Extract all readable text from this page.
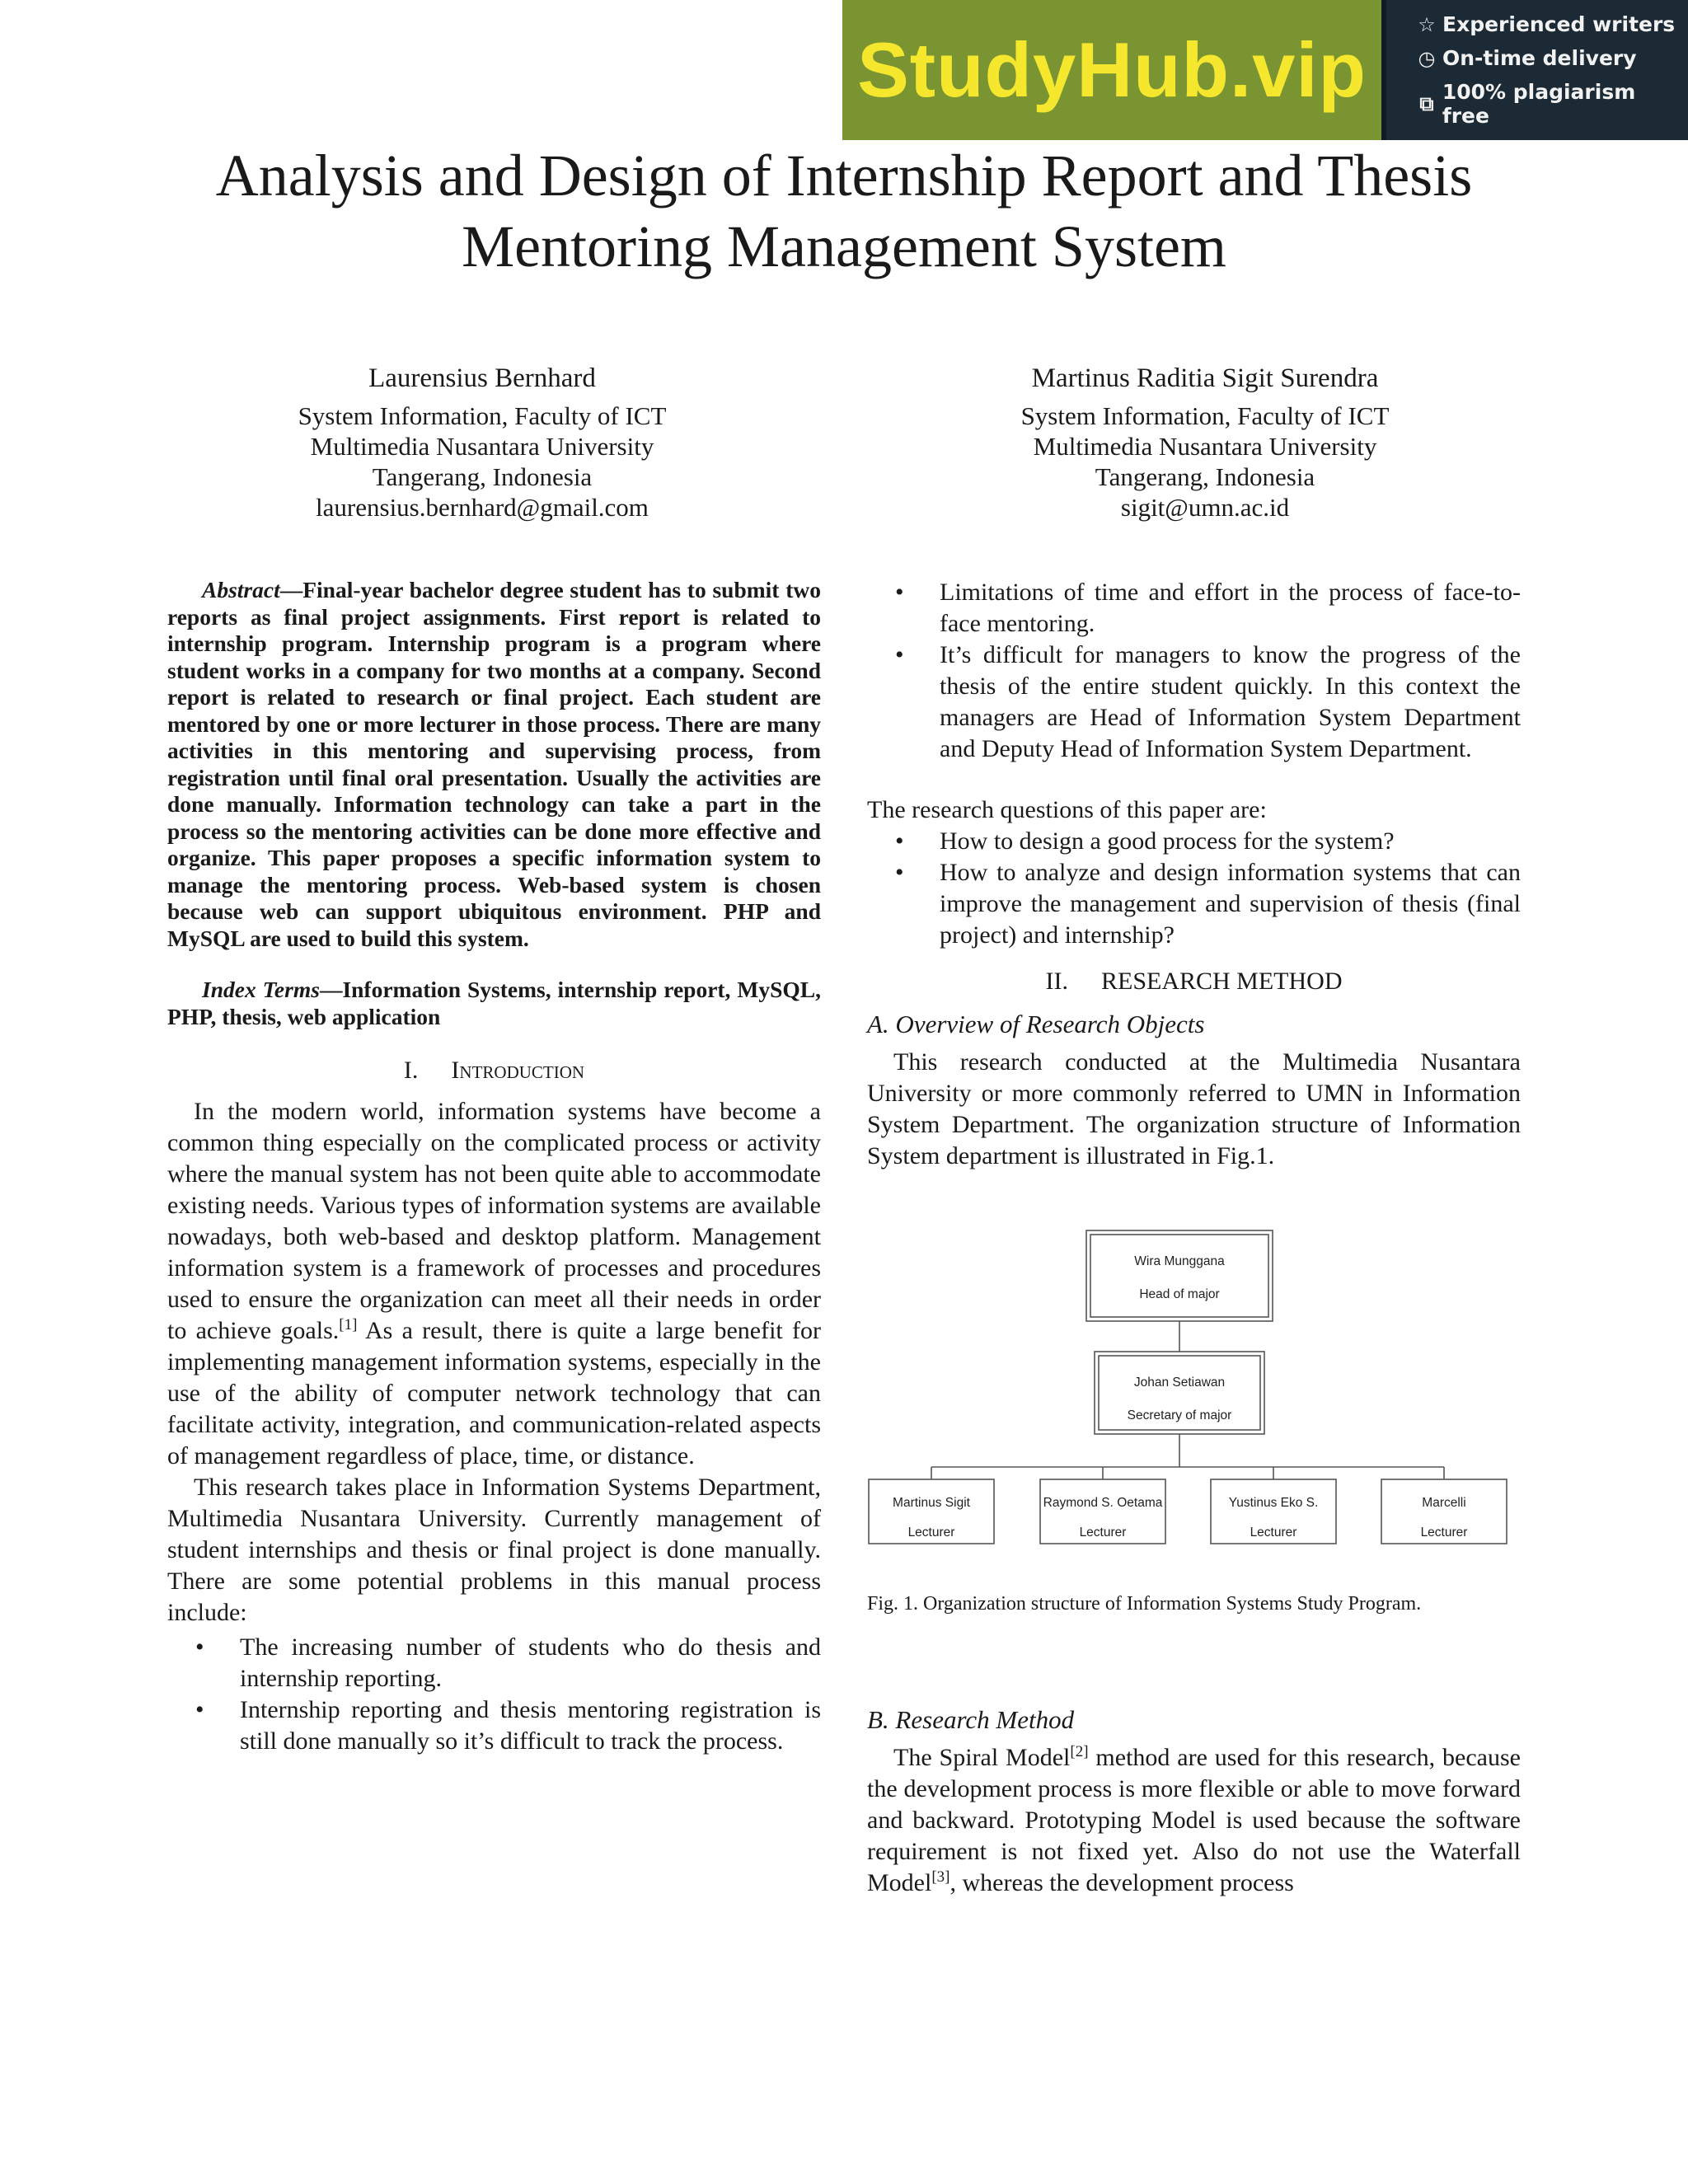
StudyHub.vip
☆ Experienced writers
◷ On-time delivery
⧉ 100% plagiarism free
Analysis and Design of Internship Report and Thesis
Mentoring Management System
Laurensius Bernhard
System Information, Faculty of ICT
Multimedia Nusantara University
Tangerang, Indonesia
laurensius.bernhard@gmail.com
Martinus Raditia Sigit Surendra
System Information, Faculty of ICT
Multimedia Nusantara University
Tangerang, Indonesia
sigit@umn.ac.id

Abstract—Final-year bachelor degree student has to submit two reports as final project assignments. First report is related to internship program. Internship program is a program where student works in a company for two months at a company. Second report is related to research or final project. Each student are mentored by one or more lecturer in those process. There are many activities in this mentoring and supervising process, from registration until final oral presentation. Usually the activities are done manually. Information technology can take a part in the process so the mentoring activities can be done more effective and organize. This paper proposes a specific information system to manage the mentoring process. Web-based system is chosen because web can support ubiquitous environment. PHP and MySQL are used to build this system.

Index Terms—Information Systems, internship report, MySQL, PHP, thesis, web application

I. Introduction

In the modern world, information systems have become a common thing especially on the complicated process or activity where the manual system has not been quite able to accommodate existing needs. Various types of information systems are available nowadays, both web-based and desktop platform. Management information system is a framework of processes and procedures used to ensure the organization can meet all their needs in order to achieve goals.[1] As a result, there is quite a large benefit for implementing management information systems, especially in the use of the ability of computer network technology that can facilitate activity, integration, and communication-related aspects of management regardless of place, time, or distance.

This research takes place in Information Systems Department, Multimedia Nusantara University. Currently management of student internships and thesis or final project is done manually. There are some potential problems in this manual process include:

• The increasing number of students who do thesis and internship reporting.
• Internship reporting and thesis mentoring registration is still done manually so it’s difficult to track the process.
• Limitations of time and effort in the process of face-to-face mentoring.
• It’s difficult for managers to know the progress of the thesis of the entire student quickly. In this context the managers are Head of Information System Department and Deputy Head of Information System Department.

The research questions of this paper are:

• How to design a good process for the system?
• How to analyze and design information systems that can improve the management and supervision of thesis (final project) and internship?
II. RESEARCH METHOD
A. Overview of Research Objects

This research conducted at the Multimedia Nusantara University or more commonly referred to UMN in Information System Department. The organization structure of Information System department is illustrated in Fig.1.

B. Research Method

The Spiral Model[2] method are used for this research, because the development process is more flexible or able to move forward and backward. Prototyping Model is used because the software requirement is not fixed yet. Also do not use the Waterfall Model[3], whereas the development process

Wira Munggana
Head of major
Johan Setiawan
Secretary of major
Martinus Sigit
Lecturer
Raymond S. Oetama
Lecturer
Yustinus Eko S.
Lecturer
Marcelli
Lecturer
Fig. 1. Organization structure of Information Systems Study Program.
